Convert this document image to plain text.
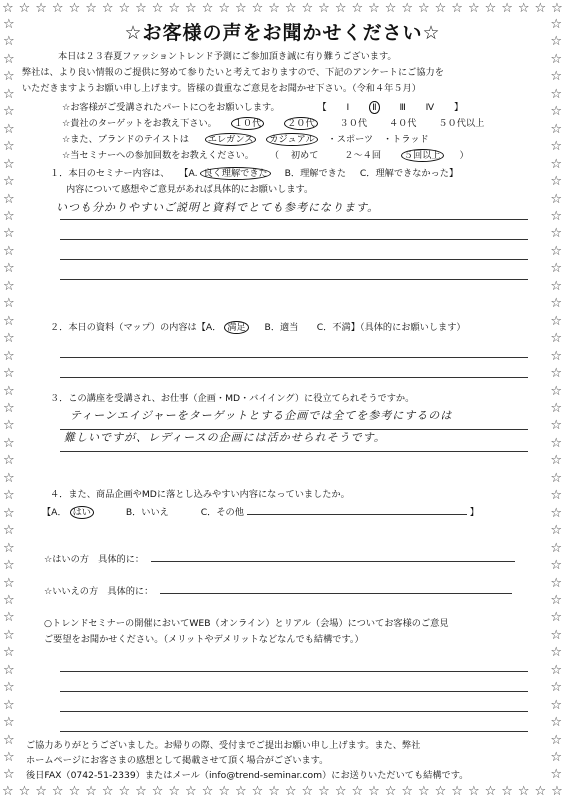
☆ ☆ ☆ ☆ ☆ ☆ ☆ ☆ ☆ ☆ ☆ ☆ ☆ ☆ ☆ ☆ ☆ ☆ ☆ ☆ ☆ ☆ ☆ ☆ ☆ ☆ ☆ ☆ ☆ ☆ ☆ ☆ ☆ ☆
☆ ☆ ☆ ☆ ☆ ☆ ☆ ☆ ☆ ☆ ☆ ☆ ☆ ☆ ☆ ☆ ☆ ☆ ☆ ☆ ☆ ☆ ☆ ☆ ☆ ☆ ☆ ☆ ☆ ☆ ☆ ☆ ☆ ☆
☆
☆
☆
☆
☆
☆
☆
☆
☆
☆
☆
☆
☆
☆
☆
☆
☆
☆
☆
☆
☆
☆
☆
☆
☆
☆
☆
☆
☆
☆
☆
☆
☆
☆
☆
☆
☆
☆
☆
☆
☆
☆
☆
☆
☆
☆
☆
☆
☆
☆
☆
☆
☆
☆
☆
☆
☆
☆
☆
☆
☆
☆
☆
☆
☆
☆
☆
☆
☆
☆
☆
☆
☆
☆
☆
☆
☆
☆
☆
☆
☆
☆
☆
☆
☆
☆
☆
☆
☆お客様の声をお聞かせください☆

本日は２３春夏ファッショントレンド予測にご参加頂き誠に有り難うございます。

弊社は、より良い情報のご提供に努めて参りたいと考えておりますので、下記のアンケートにご協力を

いただきますようお願い申し上げます。皆様の貴重なご意見をお聞かせ下さい。（令和４年５月）

☆お客様がご受講されたパートに○をお願いします。	【 Ⅰ Ⅱ Ⅲ Ⅳ 】
☆貴社のターゲットをお教え下さい。 １０代	２０代	３０代 ４０代 ５０代以上
☆また、ブランドのテイストは エレガンス カジュアル ・スポーツ ・トラッド
☆当セミナーへの参加回数をお教えください。 （ 初めて	２～４回 ５回以上 ）
１．本日のセミナー内容は、 【A. 良く理解できた B．理解できた C．理解できなかった】
内容について感想やご意見があれば具体的にお願いします。
いつも分かりやすいご説明と資料でとても参考になります。
２．本日の資料（マップ）の内容は【A． 満足 B．適当　　C．不満】（具体的にお願いします）
３．この講座を受講され、お仕事（企画・MD・バイイング）に役立てられそうですか。
ティーンエイジャーをターゲットとする企画では全てを参考にするのは
難しいですが、レディースの企画には活かせられそうです。
４．また、商品企画やMDに落とし込みやすい内容になっていましたか。
【A． はい	B．いいえ	C．その他	】
☆はいの方　具体的に：
☆いいえの方　具体的に：
○トレンドセミナーの開催においてWEB（オンライン）とリアル（会場）についてお客様のご意見
ご要望をお聞かせください。（メリットやデメリットなどなんでも結構です。）
ご協力ありがとうございました。お帰りの際、受付までご提出お願い申し上げます。また、弊社
ホームページにお客さまの感想として掲載させて頂く場合がございます。
後日FAX（0742-51-2339）またはメール（info@trend-seminar.com）にお送りいただいても結構です。
